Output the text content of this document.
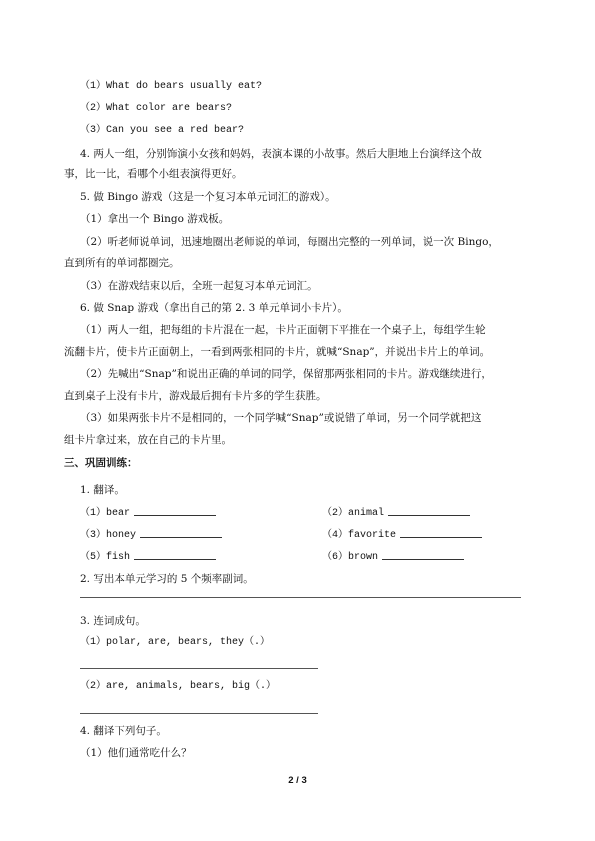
（1）What do bears usually eat?
（2）What color are bears?
（3）Can you see a red bear?
4. 两人一组，分别饰演小女孩和妈妈，表演本课的小故事。然后大胆地上台演绎这个故
事，比一比，看哪个小组表演得更好。
5. 做 Bingo 游戏（这是一个复习本单元词汇的游戏）。
（1）拿出一个 Bingo 游戏板。
（2）听老师说单词，迅速地圈出老师说的单词，每圈出完整的一列单词，说一次 Bingo，
直到所有的单词都圈完。
（3）在游戏结束以后，全班一起复习本单元词汇。
6. 做 Snap 游戏（拿出自己的第 2. 3 单元单词小卡片）。
（1）两人一组，把每组的卡片混在一起，卡片正面朝下平推在一个桌子上，每组学生轮
流翻卡片，使卡片正面朝上，一看到两张相同的卡片，就喊“Snap”，并说出卡片上的单词。
（2）先喊出“Snap”和说出正确的单词的同学，保留那两张相同的卡片。游戏继续进行，
直到桌子上没有卡片，游戏最后拥有卡片多的学生获胜。
（3）如果两张卡片不是相同的，一个同学喊“Snap”或说错了单词，另一个同学就把这
组卡片拿过来，放在自己的卡片里。
三、巩固训练：
1. 翻译。
（1）bear	（2）animal
（3）honey	（4）favorite
（5）fish	（6）brown
2. 写出本单元学习的 5 个频率副词。
3. 连词成句。
（1）polar, are, bears, they（.）
（2）are, animals, bears, big（.）
4. 翻译下列句子。
（1）他们通常吃什么？
2 / 3
